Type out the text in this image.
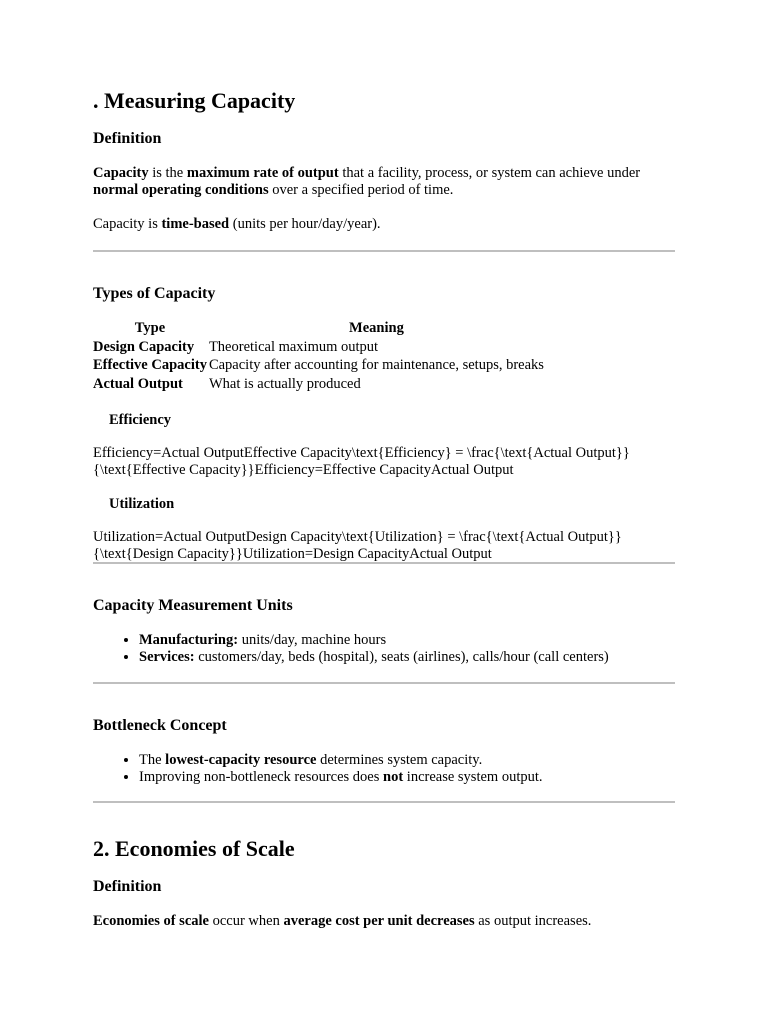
. Measuring Capacity
Definition

Capacity is the maximum rate of output that a facility, process, or system can achieve under normal operating conditions over a specified period of time.

Capacity is time-based (units per hour/day/year).

Types of Capacity
Type	Meaning
Design Capacity	Theoretical maximum output
Effective Capacity	Capacity after accounting for maintenance, setups, breaks
Actual Output	What is actually produced
Efficiency

Efficiency=Actual OutputEffective Capacity\text{Efficiency} = \frac{\text{Actual Output}}{\text{Effective Capacity}}Efficiency=Effective CapacityActual Output

Utilization

Utilization=Actual OutputDesign Capacity\text{Utilization} = \frac{\text{Actual Output}}{\text{Design Capacity}}Utilization=Design CapacityActual Output

Capacity Measurement Units
• Manufacturing: units/day, machine hours
• Services: customers/day, beds (hospital), seats (airlines), calls/hour (call centers)
Bottleneck Concept
• The lowest-capacity resource determines system capacity.
• Improving non-bottleneck resources does not increase system output.
2. Economies of Scale
Definition

Economies of scale occur when average cost per unit decreases as output increases.
